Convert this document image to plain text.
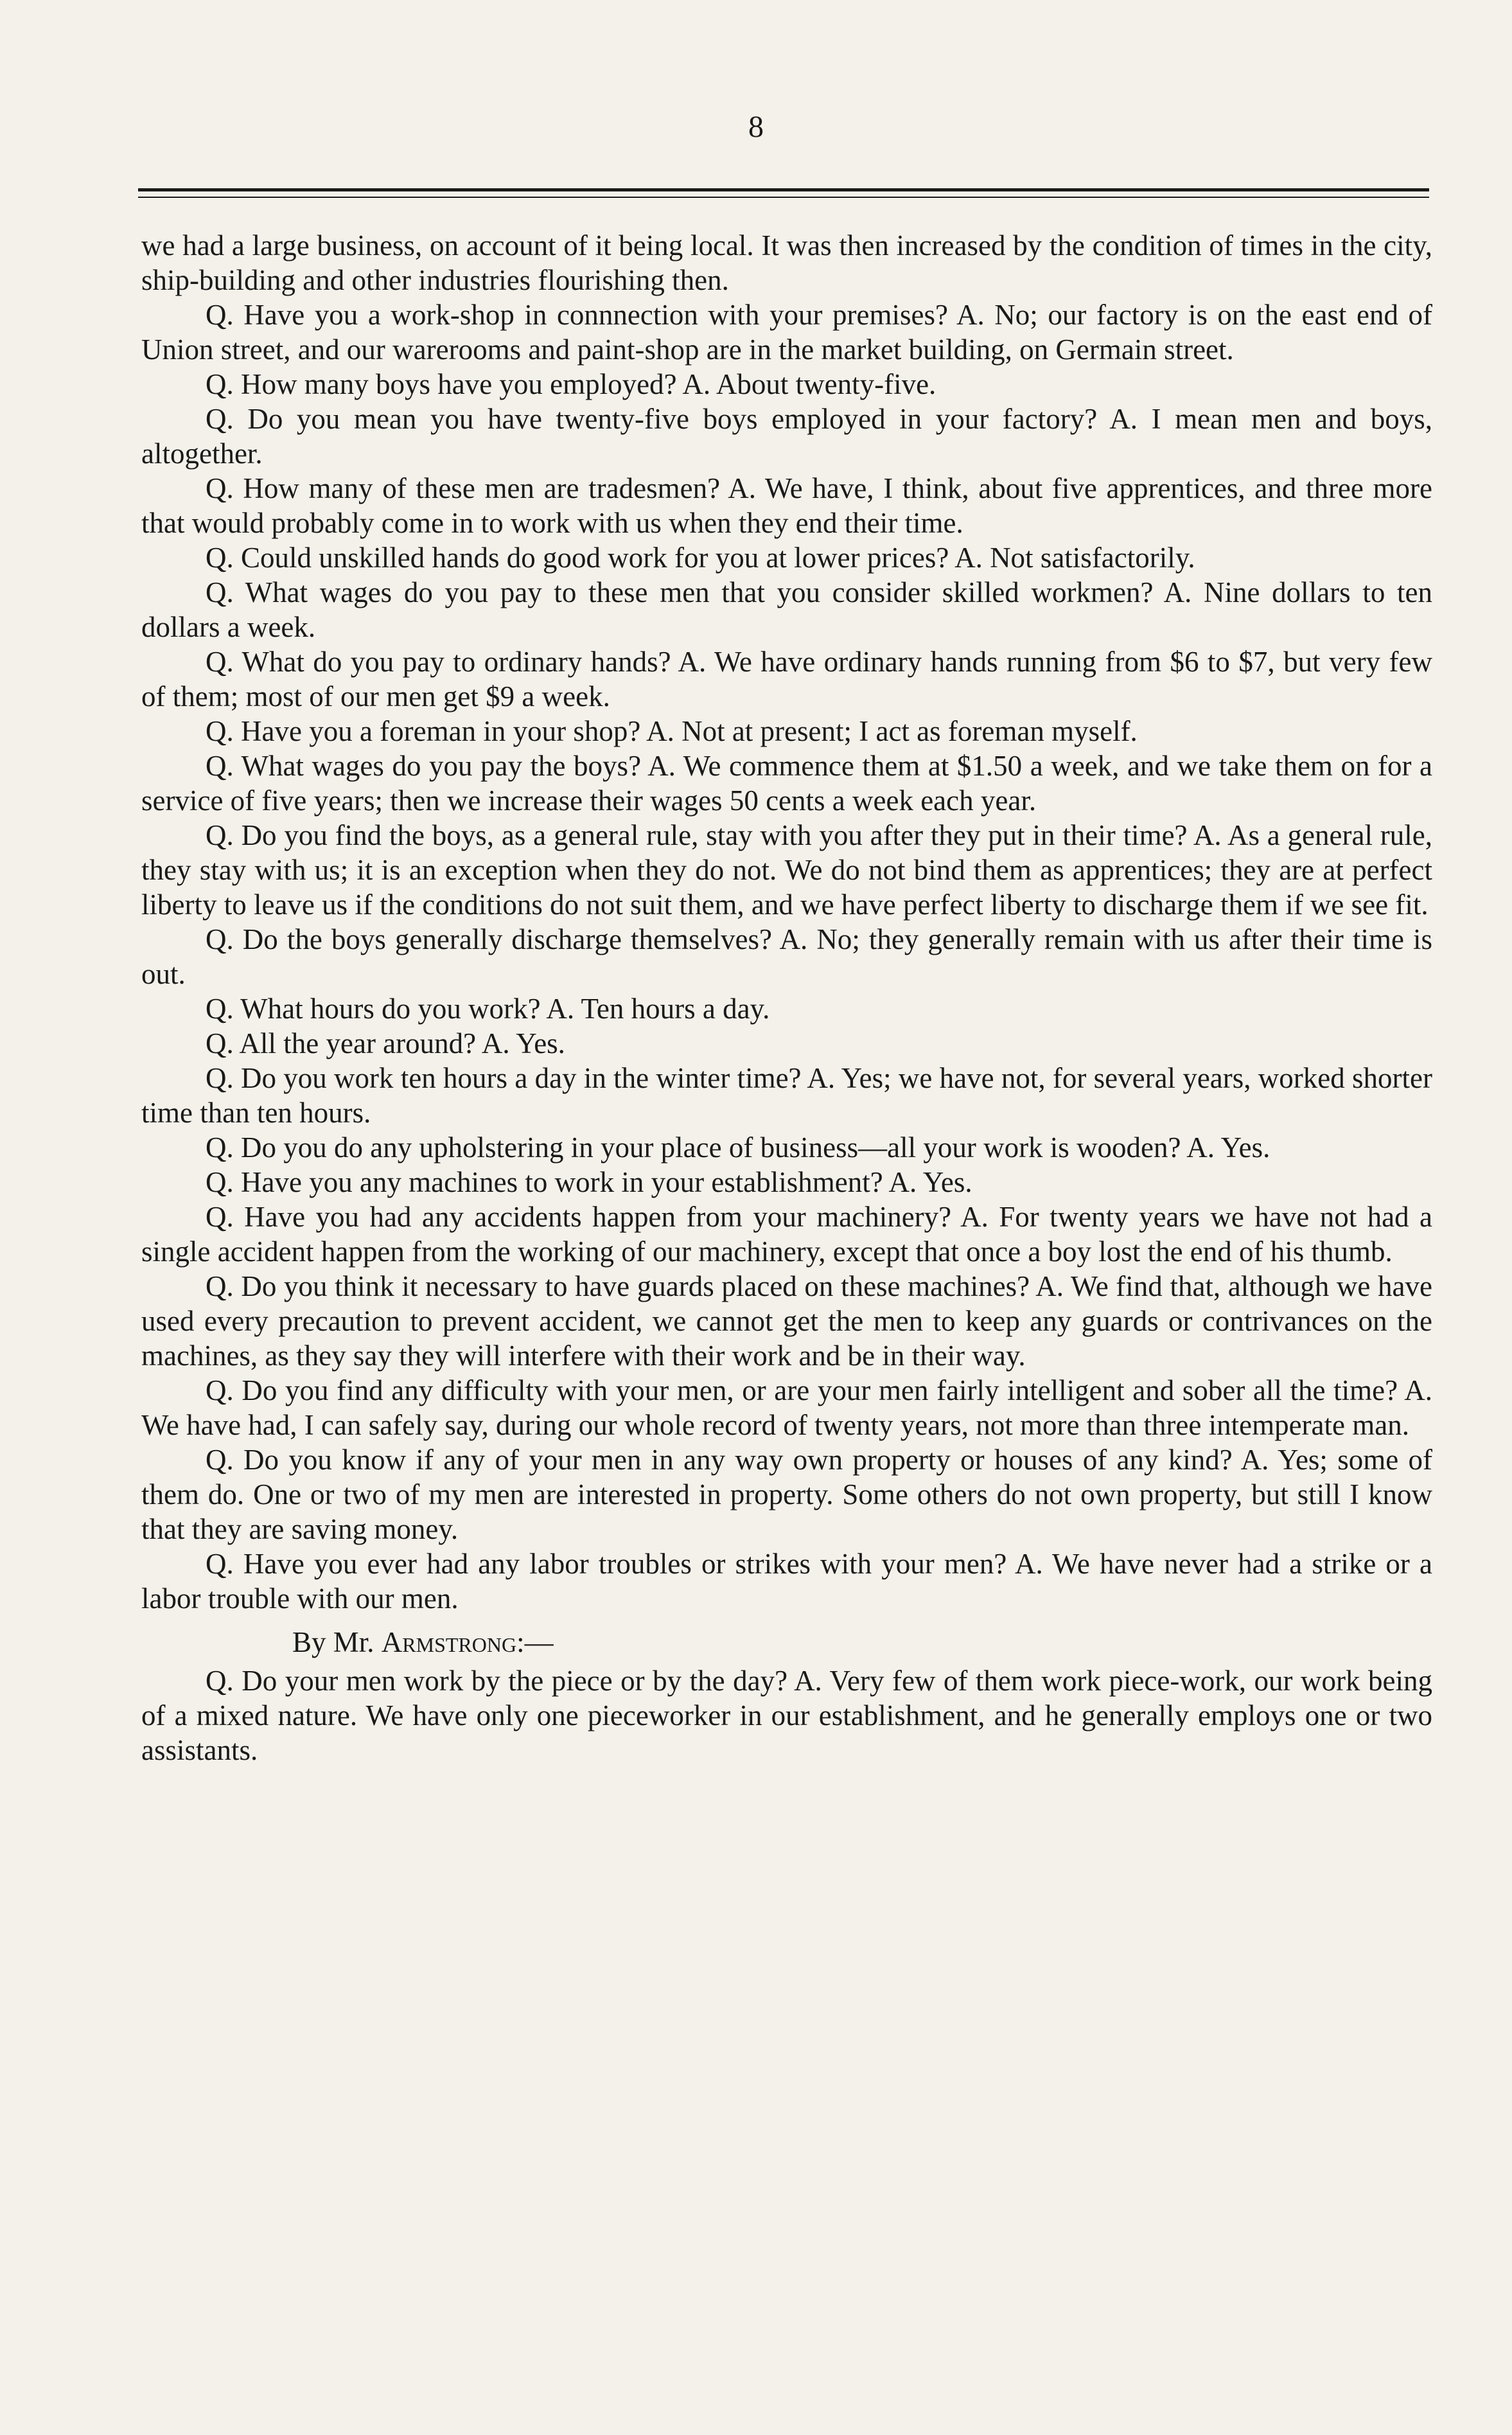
8

we had a large business, on account of it being local. It was then increased by the condition of times in the city, ship-building and other industries flourishing then.

Q. Have you a work-shop in connnection with your premises? A. No; our factory is on the east end of Union street, and our warerooms and paint-shop are in the market building, on Germain street.

Q. How many boys have you employed? A. About twenty-five.

Q. Do you mean you have twenty-five boys employed in your factory? A. I mean men and boys, altogether.

Q. How many of these men are tradesmen? A. We have, I think, about five apprentices, and three more that would probably come in to work with us when they end their time.

Q. Could unskilled hands do good work for you at lower prices? A. Not satisfactorily.

Q. What wages do you pay to these men that you consider skilled workmen? A. Nine dollars to ten dollars a week.

Q. What do you pay to ordinary hands? A. We have ordinary hands running from $6 to $7, but very few of them; most of our men get $9 a week.

Q. Have you a foreman in your shop? A. Not at present; I act as foreman myself.

Q. What wages do you pay the boys? A. We commence them at $1.50 a week, and we take them on for a service of five years; then we increase their wages 50 cents a week each year.

Q. Do you find the boys, as a general rule, stay with you after they put in their time? A. As a general rule, they stay with us; it is an exception when they do not. We do not bind them as apprentices; they are at perfect liberty to leave us if the conditions do not suit them, and we have perfect liberty to discharge them if we see fit.

Q. Do the boys generally discharge themselves? A. No; they generally remain with us after their time is out.

Q. What hours do you work? A. Ten hours a day.

Q. All the year around? A. Yes.

Q. Do you work ten hours a day in the winter time? A. Yes; we have not, for several years, worked shorter time than ten hours.

Q. Do you do any upholstering in your place of business—all your work is wooden? A. Yes.

Q. Have you any machines to work in your establishment? A. Yes.

Q. Have you had any accidents happen from your machinery? A. For twenty years we have not had a single accident happen from the working of our machinery, except that once a boy lost the end of his thumb.

Q. Do you think it necessary to have guards placed on these machines? A. We find that, although we have used every precaution to prevent accident, we cannot get the men to keep any guards or contrivances on the machines, as they say they will interfere with their work and be in their way.

Q. Do you find any difficulty with your men, or are your men fairly intelligent and sober all the time? A. We have had, I can safely say, during our whole record of twenty years, not more than three intemperate man.

Q. Do you know if any of your men in any way own property or houses of any kind? A. Yes; some of them do. One or two of my men are interested in property. Some others do not own property, but still I know that they are saving money.

Q. Have you ever had any labor troubles or strikes with your men? A. We have never had a strike or a labor trouble with our men.

By Mr. Armstrong:—

Q. Do your men work by the piece or by the day? A. Very few of them work piece-work, our work being of a mixed nature. We have only one pieceworker in our establishment, and he generally employs one or two assistants.
